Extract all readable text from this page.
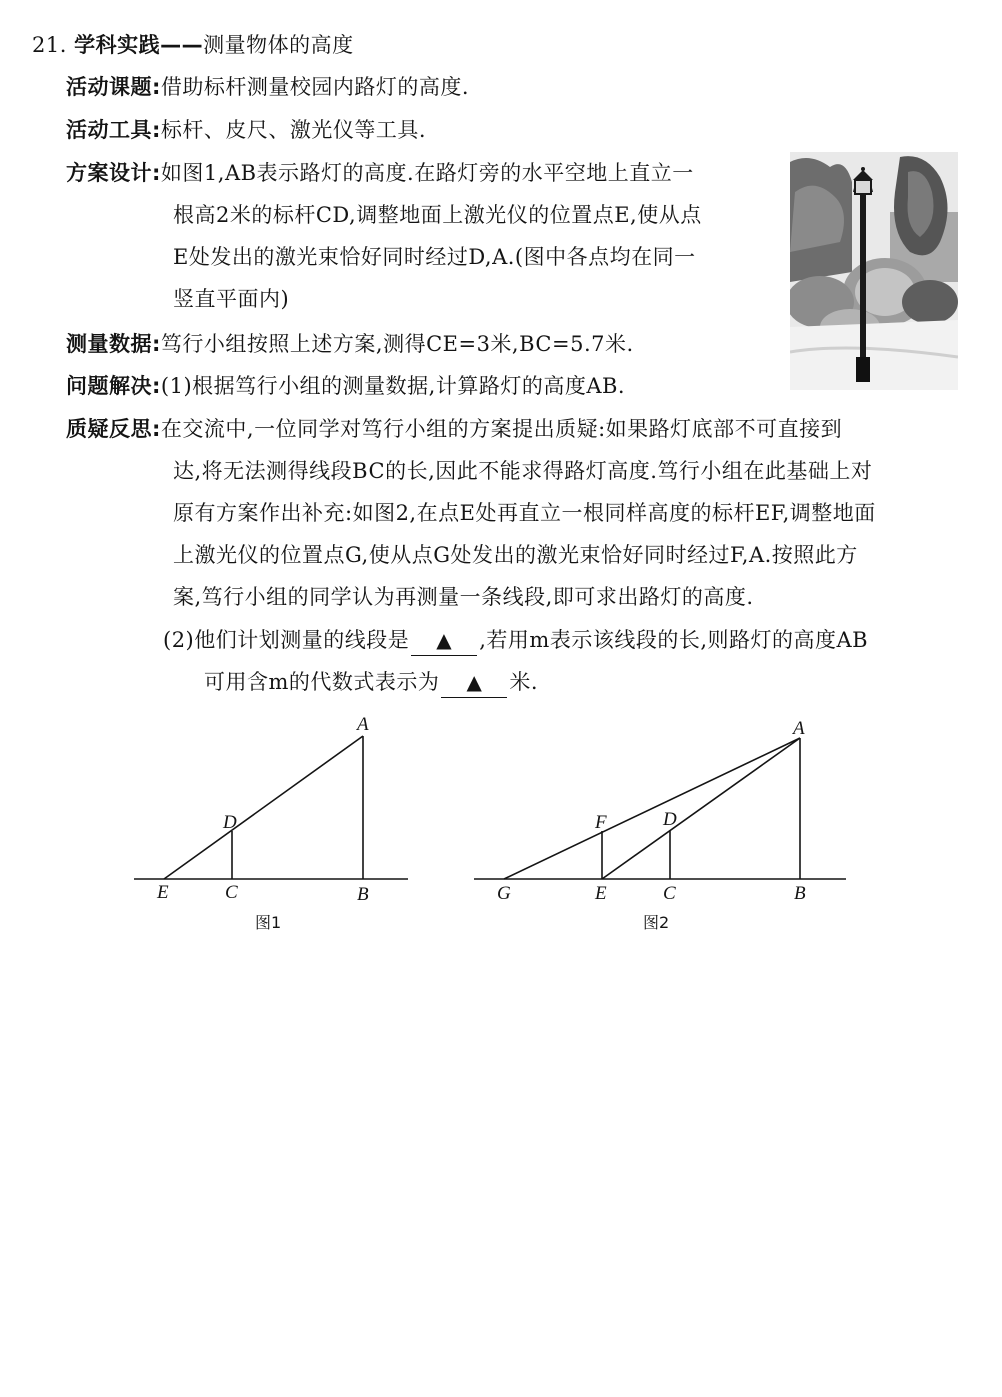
21. 学科实践——测量物体的高度
活动课题:借助标杆测量校园内路灯的高度.
活动工具:标杆、皮尺、激光仪等工具.
方案设计:如图1,AB表示路灯的高度.在路灯旁的水平空地上直立一
根高2米的标杆CD,调整地面上激光仪的位置点E,使从点
E处发出的激光束恰好同时经过D,A.(图中各点均在同一
竖直平面内)
测量数据:笃行小组按照上述方案,测得CE=3米,BC=5.7米.
问题解决:(1)根据笃行小组的测量数据,计算路灯的高度AB.
质疑反思:在交流中,一位同学对笃行小组的方案提出质疑:如果路灯底部不可直接到
达,将无法测得线段BC的长,因此不能求得路灯高度.笃行小组在此基础上对
原有方案作出补充:如图2,在点E处再直立一根同样高度的标杆EF,调整地面
上激光仪的位置点G,使从点G处发出的激光束恰好同时经过F,A.按照此方
案,笃行小组的同学认为再测量一条线段,即可求出路灯的高度.
(2)他们计划测量的线段是 ▲ ,若用m表示该线段的长,则路灯的高度AB
可用含m的代数式表示为 ▲ 米.
A
D
E	C	B
图1
A
F	D
G	E	C	B
图2
